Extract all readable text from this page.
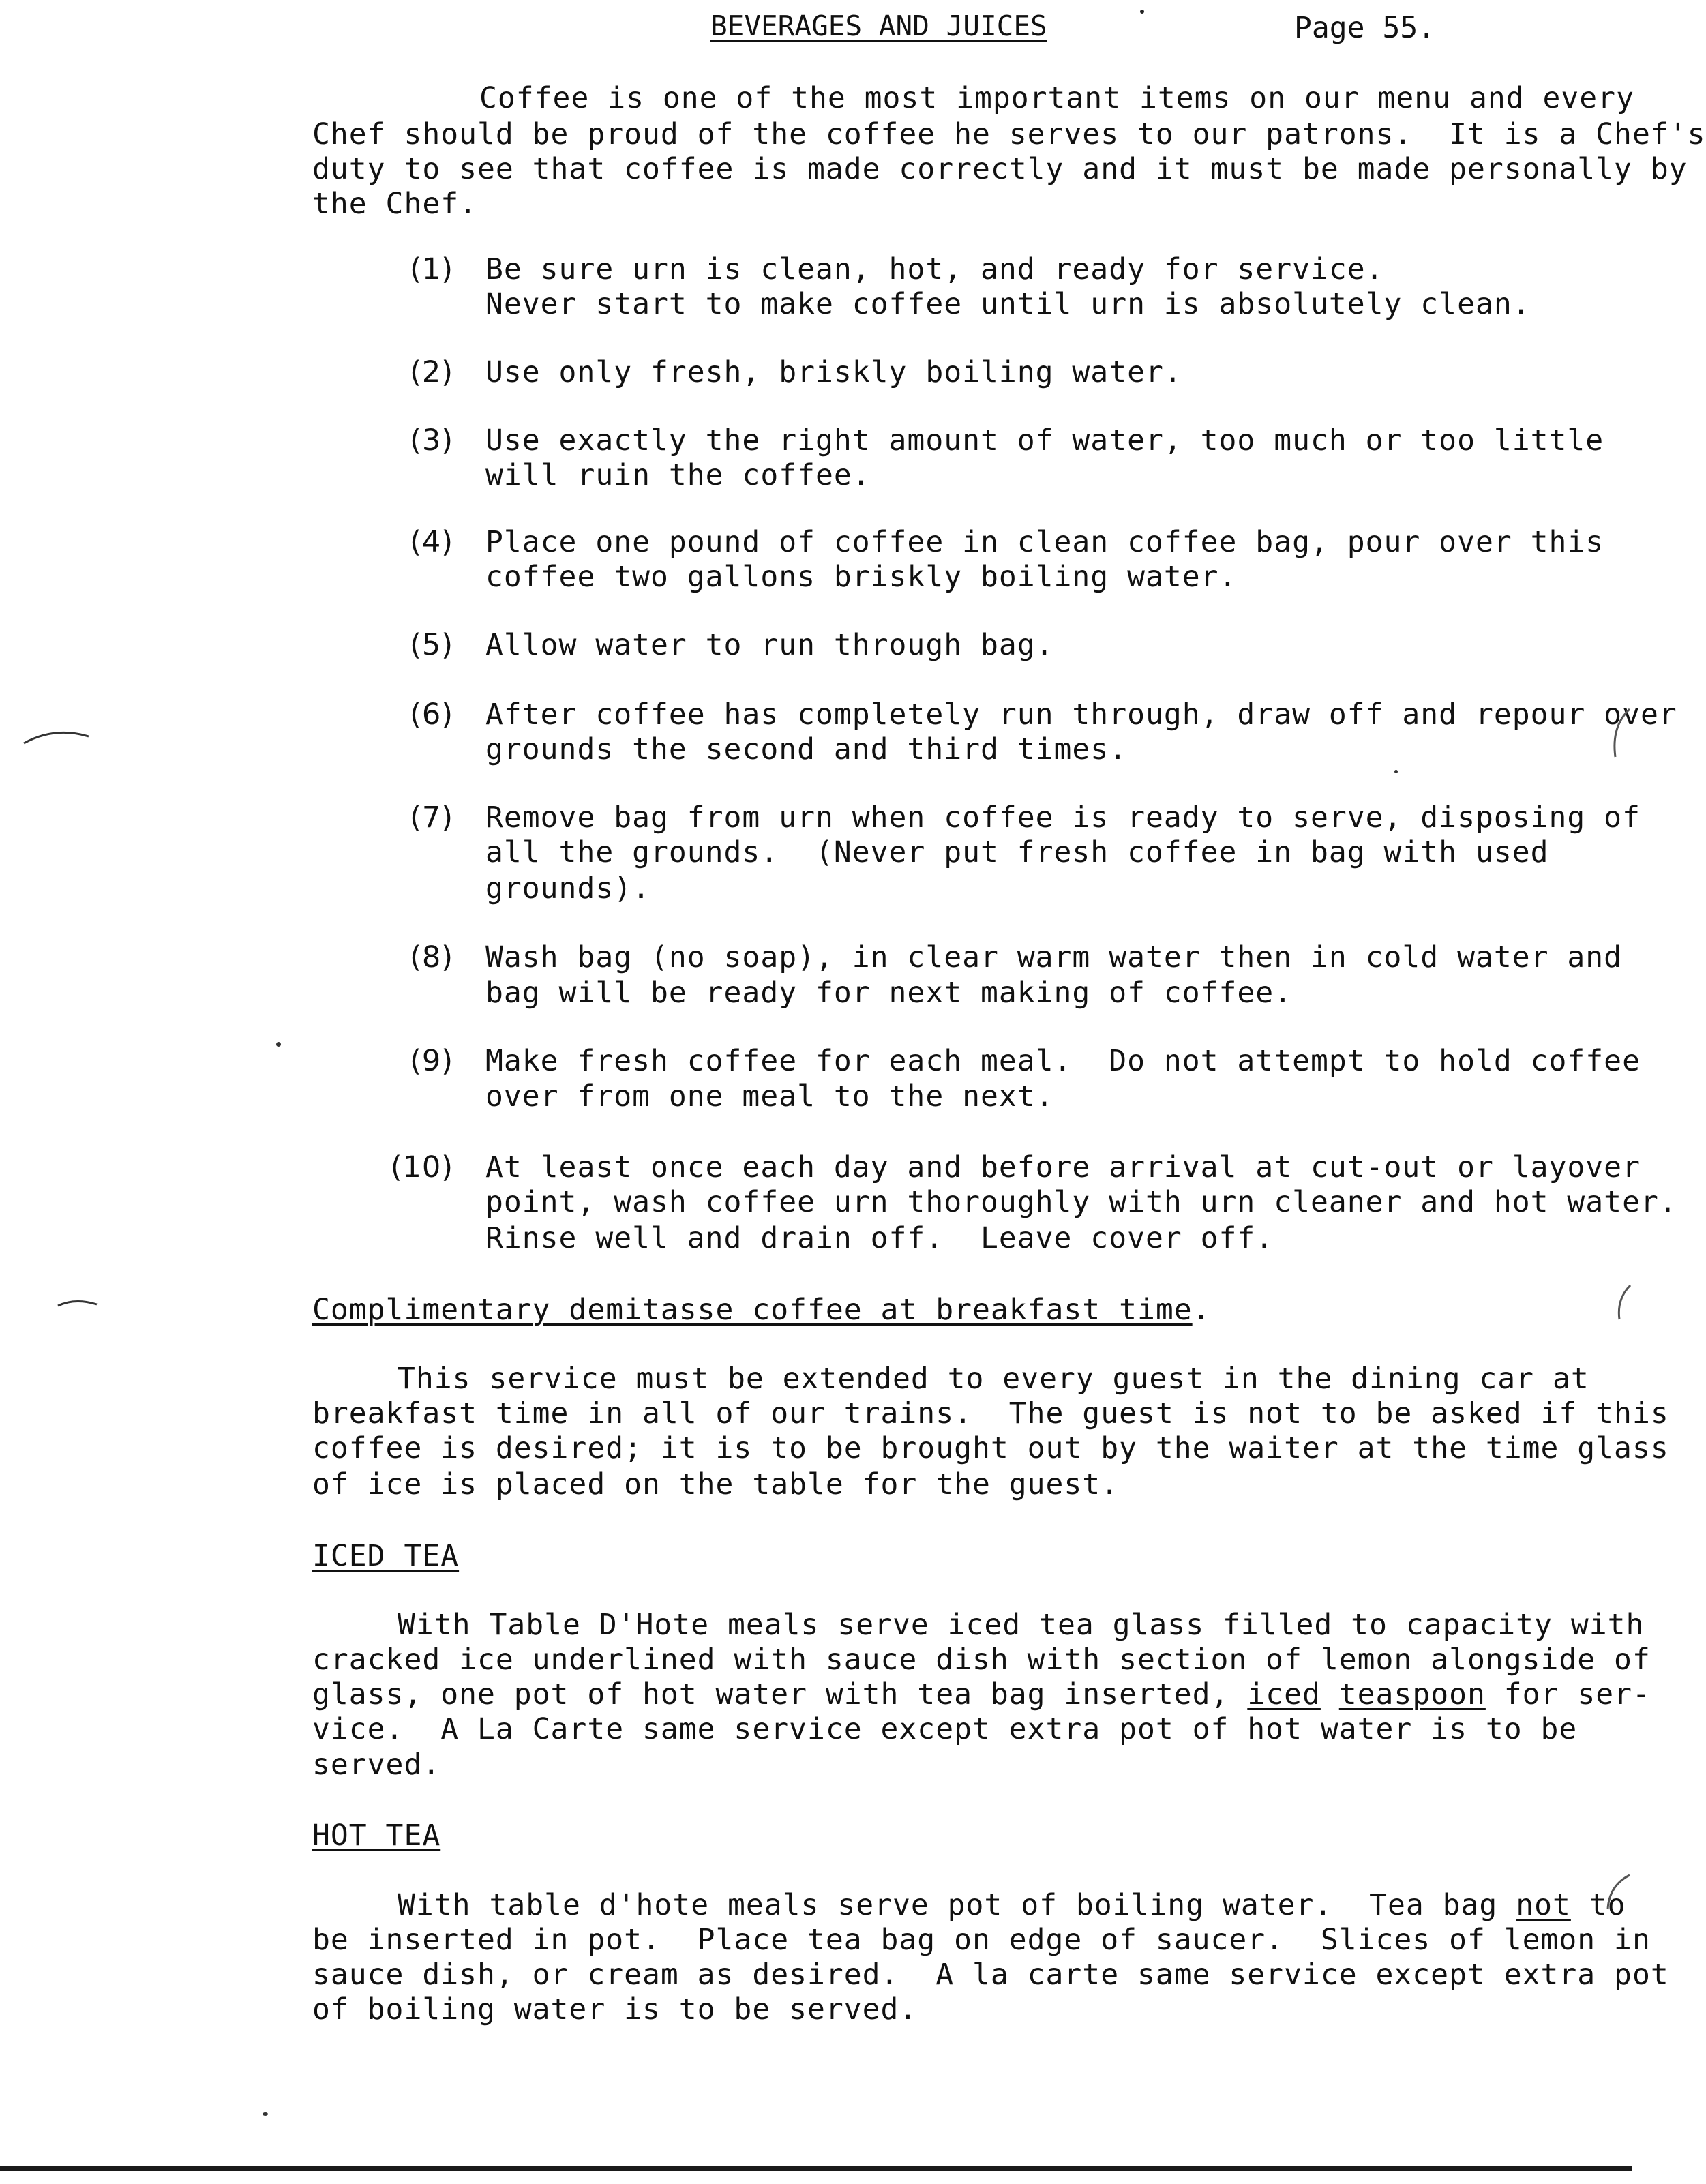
BEVERAGES AND JUICES	Page 55.
Coffee is one of the most important items on our menu and every
Chef should be proud of the coffee he serves to our patrons.  It is a Chef's
duty to see that coffee is made correctly and it must be made personally by
the Chef.
(1) Be sure urn is clean, hot, and ready for service.
Never start to make coffee until urn is absolutely clean.
(2) Use only fresh, briskly boiling water.
(3) Use exactly the right amount of water, too much or too little
will ruin the coffee.
(4) Place one pound of coffee in clean coffee bag, pour over this
coffee two gallons briskly boiling water.
(5) Allow water to run through bag.
(6) After coffee has completely run through, draw off and repour over
grounds the second and third times.
(7) Remove bag from urn when coffee is ready to serve, disposing of
all the grounds.  (Never put fresh coffee in bag with used
grounds).
(8) Wash bag (no soap), in clear warm water then in cold water and
bag will be ready for next making of coffee.
(9) Make fresh coffee for each meal.  Do not attempt to hold coffee
over from one meal to the next.
(10) At least once each day and before arrival at cut-out or layover
point, wash coffee urn thoroughly with urn cleaner and hot water.
Rinse well and drain off.  Leave cover off.
Complimentary demitasse coffee at breakfast time.
This service must be extended to every guest in the dining car at
breakfast time in all of our trains.  The guest is not to be asked if this
coffee is desired; it is to be brought out by the waiter at the time glass
of ice is placed on the table for the guest.
ICED TEA
With Table D'Hote meals serve iced tea glass filled to capacity with
cracked ice underlined with sauce dish with section of lemon alongside of
glass, one pot of hot water with tea bag inserted, iced teaspoon for ser-
vice.  A La Carte same service except extra pot of hot water is to be
served.
HOT TEA
With table d'hote meals serve pot of boiling water.  Tea bag not to
be inserted in pot.  Place tea bag on edge of saucer.  Slices of lemon in
sauce dish, or cream as desired.  A la carte same service except extra pot
of boiling water is to be served.
